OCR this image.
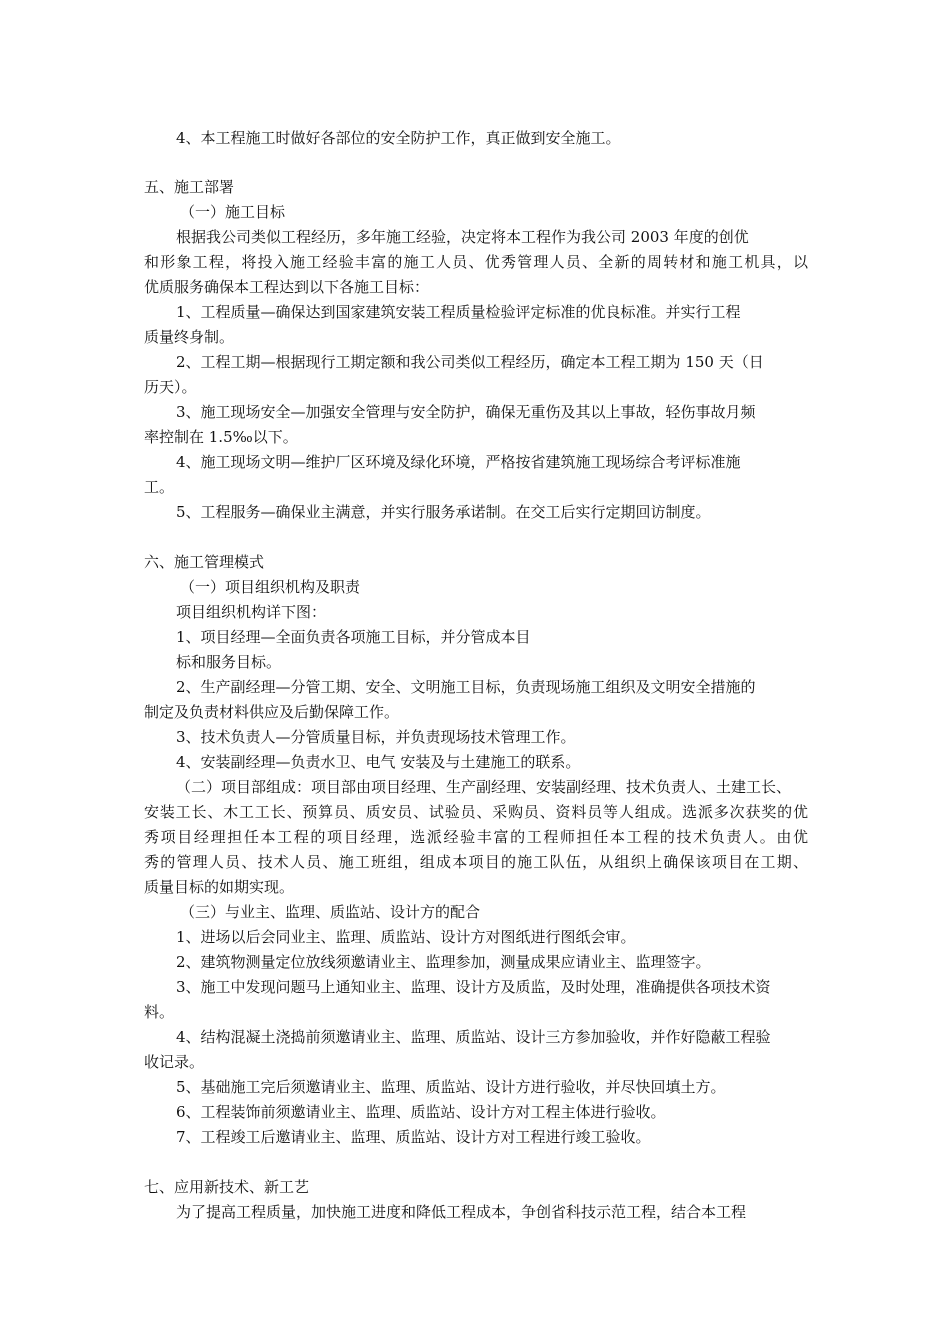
4、本工程施工时做好各部位的安全防护工作，真正做到安全施工。
五、施工部署
（一）施工目标
根据我公司类似工程经历，多年施工经验，决定将本工程作为我公司 2003 年度的创优
和形象工程，将投入施工经验丰富的施工人员、优秀管理人员、全新的周转材和施工机具，以
优质服务确保本工程达到以下各施工目标：
1、工程质量—确保达到国家建筑安装工程质量检验评定标准的优良标准。并实行工程
质量终身制。
2、工程工期—根据现行工期定额和我公司类似工程经历，确定本工程工期为 150 天（日
历天）。
3、施工现场安全—加强安全管理与安全防护，确保无重伤及其以上事故，轻伤事故月频
率控制在 1.5‰以下。
4、施工现场文明—维护厂区环境及绿化环境，严格按省建筑施工现场综合考评标准施
工。
5、工程服务—确保业主满意，并实行服务承诺制。在交工后实行定期回访制度。
六、施工管理模式
（一）项目组织机构及职责
项目组织机构详下图：
1、项目经理—全面负责各项施工目标，并分管成本目
标和服务目标。
2、生产副经理—分管工期、安全、文明施工目标，负责现场施工组织及文明安全措施的
制定及负责材料供应及后勤保障工作。
3、技术负责人—分管质量目标，并负责现场技术管理工作。
4、安装副经理—负责水卫、电气 安装及与土建施工的联系。
（二）项目部组成：项目部由项目经理、生产副经理、安装副经理、技术负责人、土建工长、
安装工长、木工工长、预算员、质安员、试验员、采购员、资料员等人组成。选派多次获奖的优
秀项目经理担任本工程的项目经理，选派经验丰富的工程师担任本工程的技术负责人。由优
秀的管理人员、技术人员、施工班组，组成本项目的施工队伍，从组织上确保该项目在工期、
质量目标的如期实现。
（三）与业主、监理、质监站、设计方的配合
1、进场以后会同业主、监理、质监站、设计方对图纸进行图纸会审。
2、建筑物测量定位放线须邀请业主、监理参加，测量成果应请业主、监理签字。
3、施工中发现问题马上通知业主、监理、设计方及质监，及时处理，准确提供各项技术资
料。
4、结构混凝土浇捣前须邀请业主、监理、质监站、设计三方参加验收，并作好隐蔽工程验
收记录。
5、基础施工完后须邀请业主、监理、质监站、设计方进行验收，并尽快回填土方。
6、工程装饰前须邀请业主、监理、质监站、设计方对工程主体进行验收。
7、工程竣工后邀请业主、监理、质监站、设计方对工程进行竣工验收。
七、应用新技术、新工艺
为了提高工程质量，加快施工进度和降低工程成本，争创省科技示范工程，结合本工程
